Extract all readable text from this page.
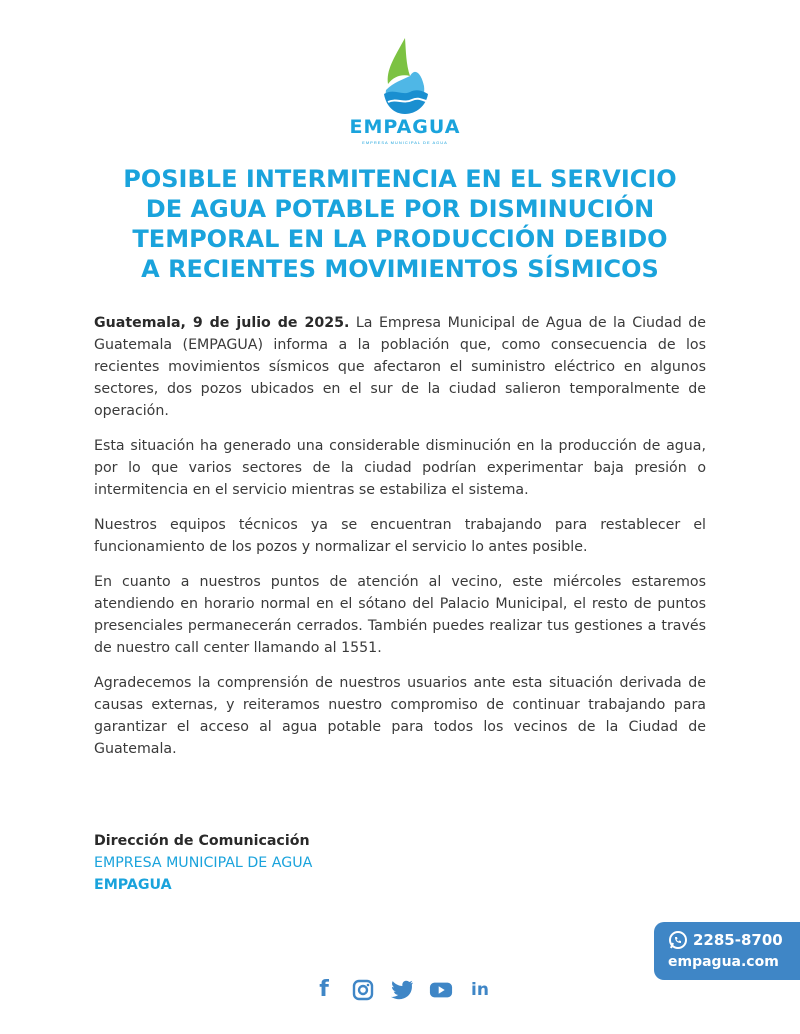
EMPAGUA
EMPRESA MUNICIPAL DE AGUA
POSIBLE INTERMITENCIA EN EL SERVICIO
DE AGUA POTABLE POR DISMINUCIÓN
TEMPORAL EN LA PRODUCCIÓN DEBIDO
A RECIENTES MOVIMIENTOS SÍSMICOS

Guatemala, 9 de julio de 2025. La Empresa Municipal de Agua de la Ciudad de Guatemala (EMPAGUA) informa a la población que, como consecuencia de los recientes movimientos sísmicos que afectaron el suministro eléctrico en algunos sectores, dos pozos ubicados en el sur de la ciudad salieron temporalmente de operación.

Esta situación ha generado una considerable disminución en la producción de agua, por lo que varios sectores de la ciudad podrían experimentar baja presión o intermitencia en el servicio mientras se estabiliza el sistema.

Nuestros equipos técnicos ya se encuentran trabajando para restablecer el funcionamiento de los pozos y normalizar el servicio lo antes posible.

En cuanto a nuestros puntos de atención al vecino, este miércoles estaremos atendiendo en horario normal en el sótano del Palacio Municipal, el resto de puntos presenciales permanecerán cerrados. También puedes realizar tus gestiones a través de nuestro call center llamando al 1551.

Agradecemos la comprensión de nuestros usuarios ante esta situación derivada de causas externas, y reiteramos nuestro compromiso de continuar trabajando para garantizar el acceso al agua potable para todos los vecinos de la Ciudad de Guatemala.

Dirección de Comunicación
EMPRESA MUNICIPAL DE AGUA
EMPAGUA
2285-8700
empagua.com
f	in
